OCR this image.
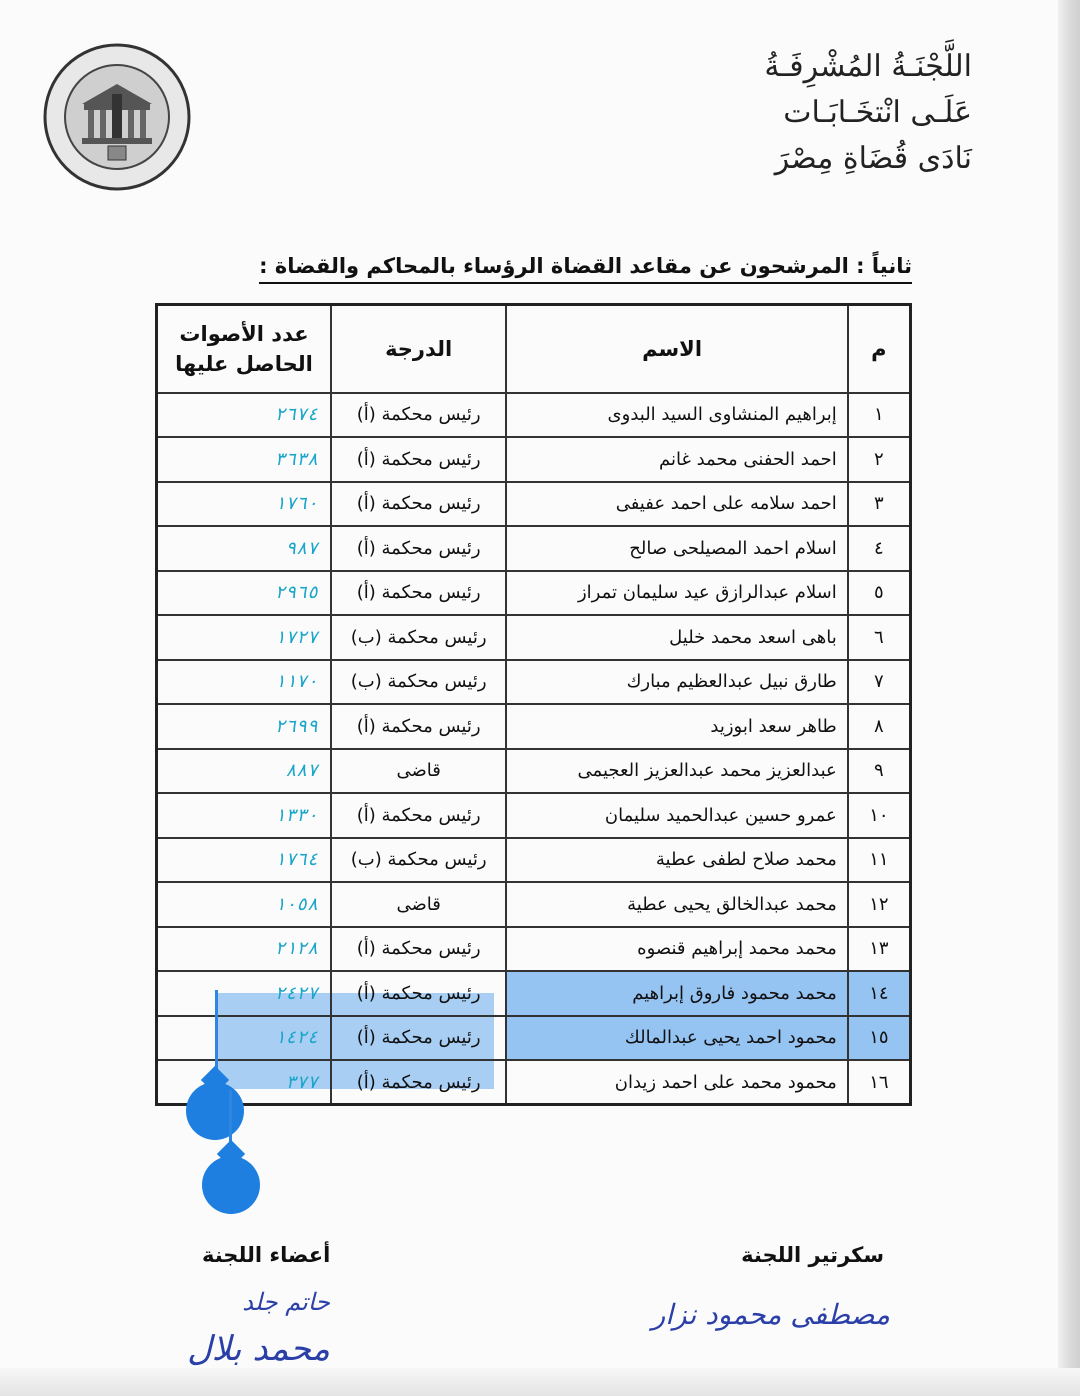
اللَّجْنَـةُ المُشْرِفَـةُ
عَلَـى انْتخَـابَـات
نَادَى قُضَاةِ مِصْرَ
ثانياً : المرشحون عن مقاعد القضاة الرؤساء بالمحاكم والقضاة :
م	الاسم	الدرجة	عدد الأصوات
الحاصل عليها

١	إبراهيم المنشاوى السيد البدوى	رئيس محكمة (أ)	٢٦٧٤
٢	احمد الحفنى محمد غانم	رئيس محكمة (أ)	٣٦٣٨
٣	احمد سلامه على احمد عفيفى	رئيس محكمة (أ)	١٧٦٠
٤	اسلام احمد المصيلحى صالح	رئيس محكمة (أ)	٩٨٧
٥	اسلام عبدالرازق عيد سليمان تمراز	رئيس محكمة (أ)	٢٩٦٥
٦	باهى اسعد محمد خليل	رئيس محكمة (ب)	١٧٢٧
٧	طارق نبيل عبدالعظيم مبارك	رئيس محكمة (ب)	١١٧٠
٨	طاهر سعد ابوزيد	رئيس محكمة (أ)	٢٦٩٩
٩	عبدالعزيز محمد عبدالعزيز العجيمى	قاضى	٨٨٧
١٠	عمرو حسين عبدالحميد سليمان	رئيس محكمة (أ)	١٣٣٠
١١	محمد صلاح لطفى عطية	رئيس محكمة (ب)	١٧٦٤
١٢	محمد عبدالخالق يحيى عطية	قاضى	١٠٥٨
١٣	محمد محمد إبراهيم قنصوه	رئيس محكمة (أ)	٢١٢٨
١٤	محمد محمود فاروق إبراهيم	رئيس محكمة (أ)	٢٤٢٧
١٥	محمود احمد يحيى عبدالمالك	رئيس محكمة (أ)	١٤٢٤
١٦	محمود محمد على احمد زيدان	رئيس محكمة (أ)	٣٧٧
أعضاء اللجنة	سكرتير اللجنة
حاتم جلد
محمد بلال
مصطفى محمود نزار
